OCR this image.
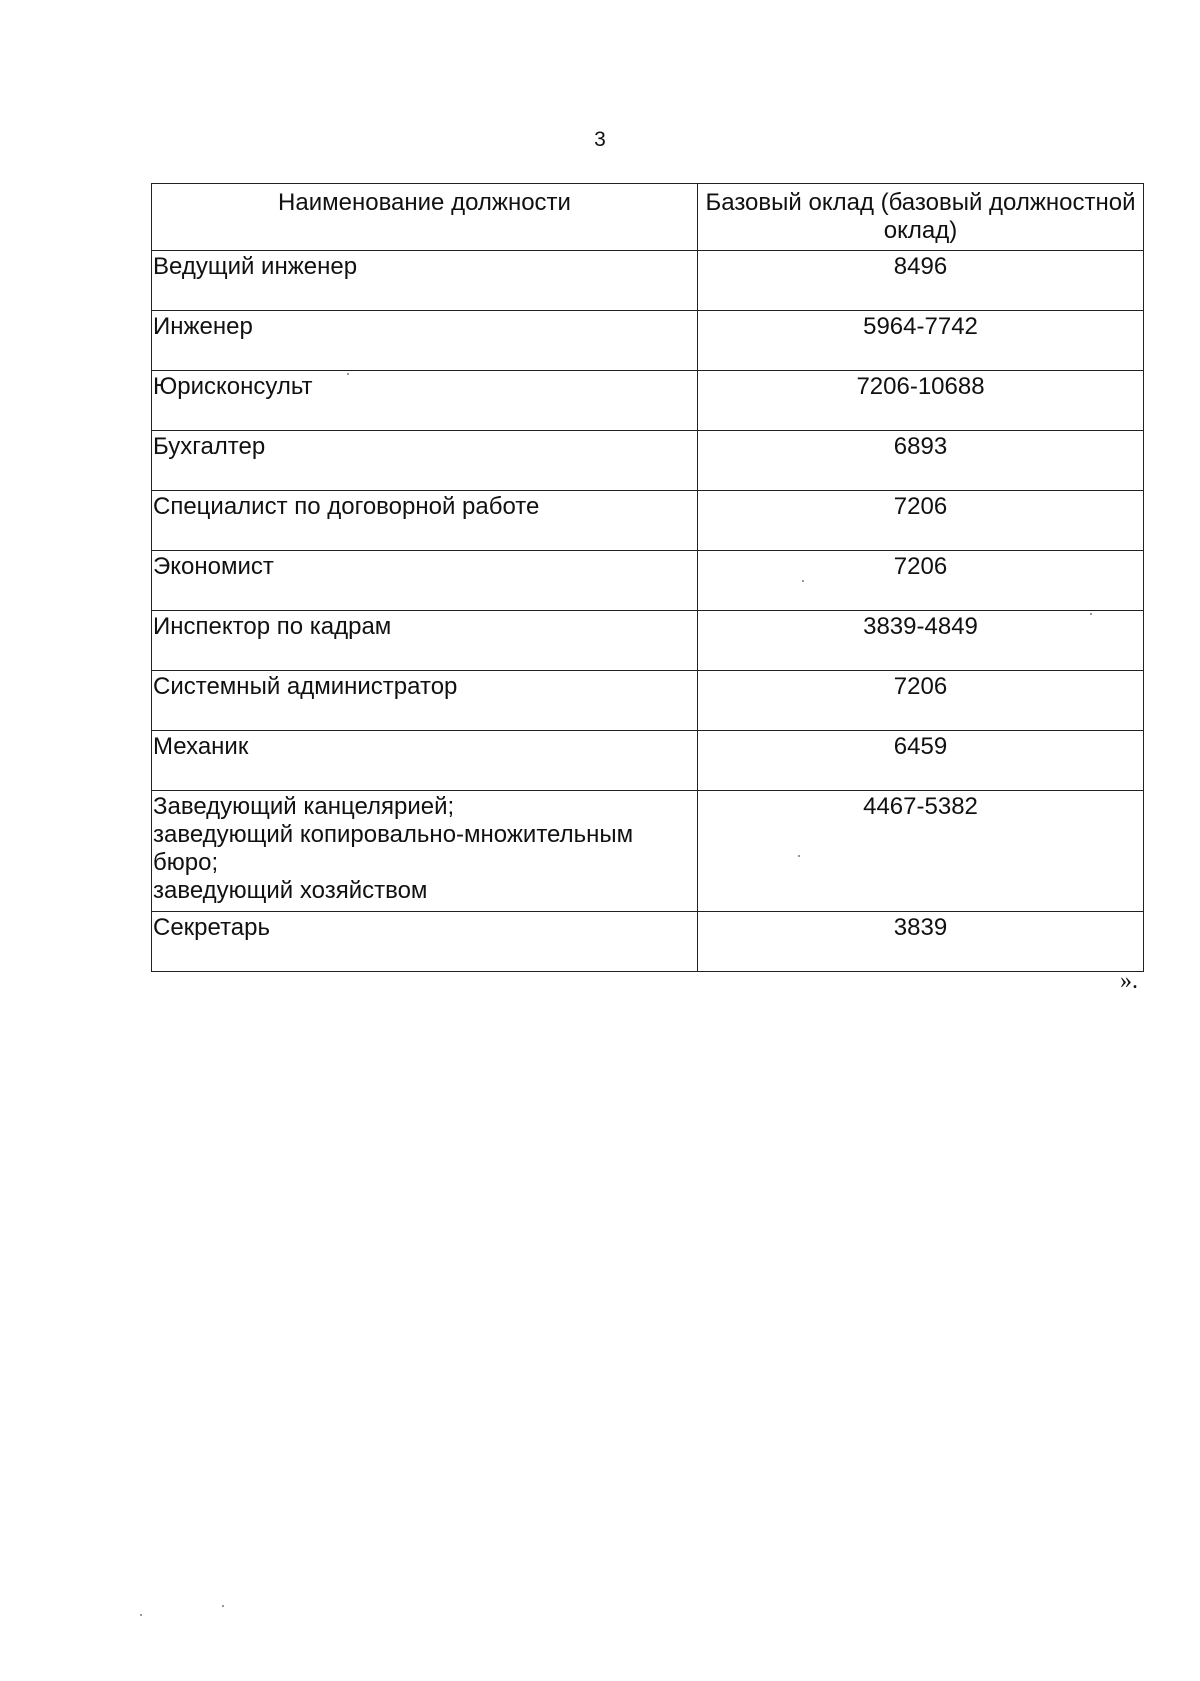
3
Наименование должности	Базовый оклад (базовый должностной оклад)

Ведущий инженер	8496

Инженер	5964-7742

Юрисконсульт	7206-10688

Бухгалтер	6893

Специалист по договорной работе	7206

Экономист	7206

Инспектор по кадрам	3839-4849

Системный администратор	7206

Механик	6459

Заведующий канцелярией;
заведующий копировально-множительным бюро;
заведующий хозяйством	4467-5382

Секретарь	3839
».
